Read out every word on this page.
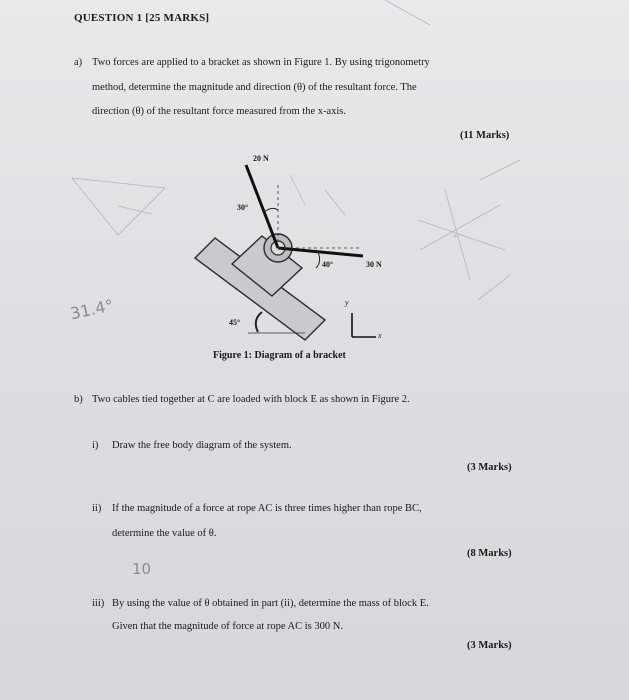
QUESTION 1 [25 MARKS]
a) Two forces are applied to a bracket as shown in Figure 1. By using trigonometry
method, determine the magnitude and direction (θ) of the resultant force. The
direction (θ) of the resultant force measured from the x-axis.
(11 Marks)
20 N
30°
40°	30 N
45°
y
x
Figure 1: Diagram of a bracket
31.4°
b) Two cables tied together at C are loaded with block E as shown in Figure 2.
i) Draw the free body diagram of the system.
(3 Marks)
ii) If the magnitude of a force at rope AC is three times higher than rope BC,
determine the value of θ.
(8 Marks)
10
iii) By using the value of θ obtained in part (ii), determine the mass of block E.
Given that the magnitude of force at rope AC is 300 N.
(3 Marks)
